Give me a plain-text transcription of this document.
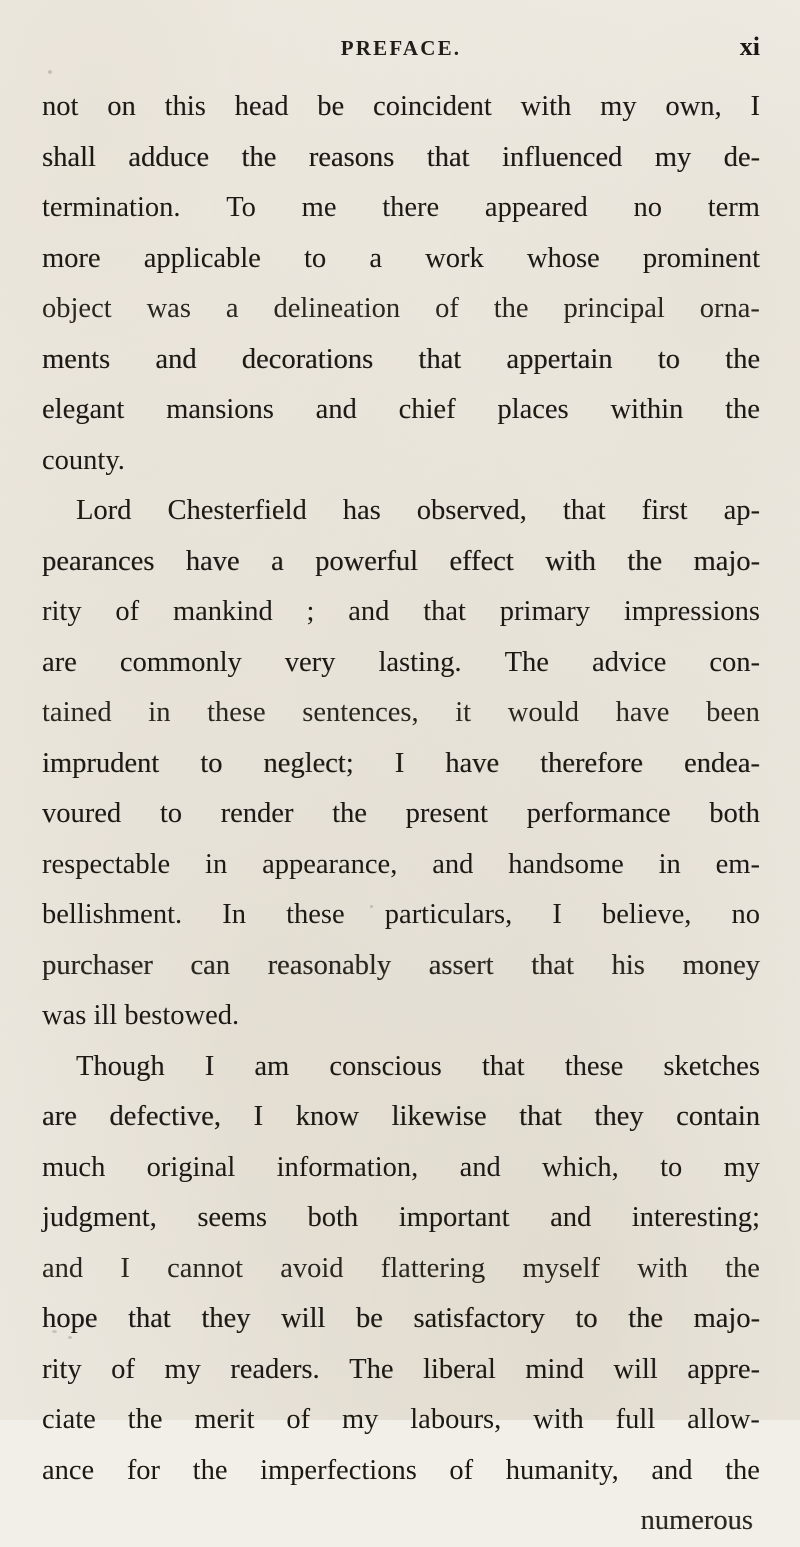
PREFACE.	xi
not on this head be coincident with my own, I
shall adduce the reasons that influenced my de-
termination. To me there appeared no term
more applicable to a work whose prominent
object was a delineation of the principal orna-
ments and decorations that appertain to the
elegant mansions and chief places within the
county.

Lord Chesterfield has observed, that first ap-
pearances have a powerful effect with the majo-
rity of mankind ; and that primary impressions
are commonly very lasting. The advice con-
tained in these sentences, it would have been
imprudent to neglect; I have therefore endea-
voured to render the present performance both
respectable in appearance, and handsome in em-
bellishment. In these particulars, I believe, no
purchaser can reasonably assert that his money
was
ill
bestowed.

Though I am conscious that these sketches
are defective, I know likewise that they contain
much original information, and which, to my
judgment, seems both important and interesting;
and I cannot avoid flattering myself with the
hope that they will be satisfactory to the majo-
rity of my readers. The liberal mind will appre-
ciate the merit of my labours, with full allow-
ance for the imperfections of humanity, and the
numerous
